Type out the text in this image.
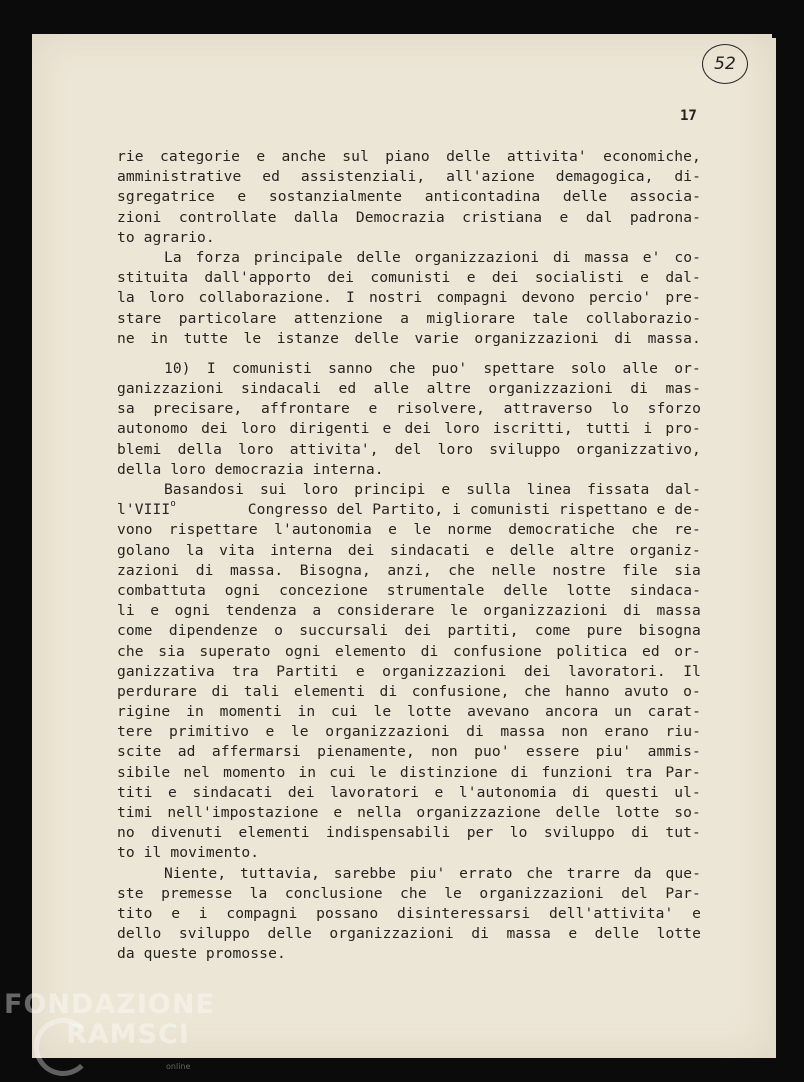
52
17
rie categorie e anche sul piano delle attivita' economiche,
amministrative ed assistenziali, all'azione demagogica, di-
sgregatrice e sostanzialmente anticontadina delle associa-
zioni controllate dalla Democrazia cristiana e dal padrona-
to agrario.
La forza principale delle organizzazioni di massa e' co-
stituita dall'apporto dei comunisti e dei socialisti e dal-
la loro collaborazione. I nostri compagni devono percio' pre-
stare particolare attenzione a migliorare tale collaborazio-
ne in tutte le istanze delle varie organizzazioni di massa.
10) I comunisti sanno che puo' spettare solo alle or-
ganizzazioni sindacali ed alle altre organizzazioni di mas-
sa precisare, affrontare e risolvere, attraverso lo sforzo
autonomo dei loro dirigenti e dei loro iscritti, tutti i pro-
blemi della loro attivita', del loro sviluppo organizzativo,
della loro democrazia interna.
Basandosi sui loro principi e sulla linea fissata dal-
l'VIII$^o$	Congresso del Partito, i comunisti rispettano e de-
vono rispettare l'autonomia e le norme democratiche che re-
golano la vita interna dei sindacati e delle altre organiz-
zazioni di massa. Bisogna, anzi, che nelle nostre file sia
combattuta ogni concezione strumentale delle lotte sindaca-
li e ogni tendenza a considerare le organizzazioni di massa
come dipendenze o succursali dei partiti, come pure bisogna
che sia superato ogni elemento di confusione politica ed or-
ganizzativa tra Partiti e organizzazioni dei lavoratori. Il
perdurare di tali elementi di confusione, che hanno avuto o-
rigine in momenti in cui le lotte avevano ancora un carat-
tere primitivo e le organizzazioni di massa non erano riu-
scite ad affermarsi pienamente, non puo' essere piu' ammis-
sibile nel momento in cui le distinzione di funzioni tra Par-
titi e sindacati dei lavoratori e l'autonomia di questi ul-
timi nell'impostazione e nella organizzazione delle lotte so-
no divenuti elementi indispensabili per lo sviluppo di tut-
to il movimento.
Niente, tuttavia, sarebbe piu' errato che trarre da que-
ste premesse la conclusione che le organizzazioni del Par-
tito e i compagni possano disinteressarsi dell'attivita' e
dello sviluppo delle organizzazioni di massa e delle lotte
da queste promosse.
FONDAZIONE
RAMSCI
online
